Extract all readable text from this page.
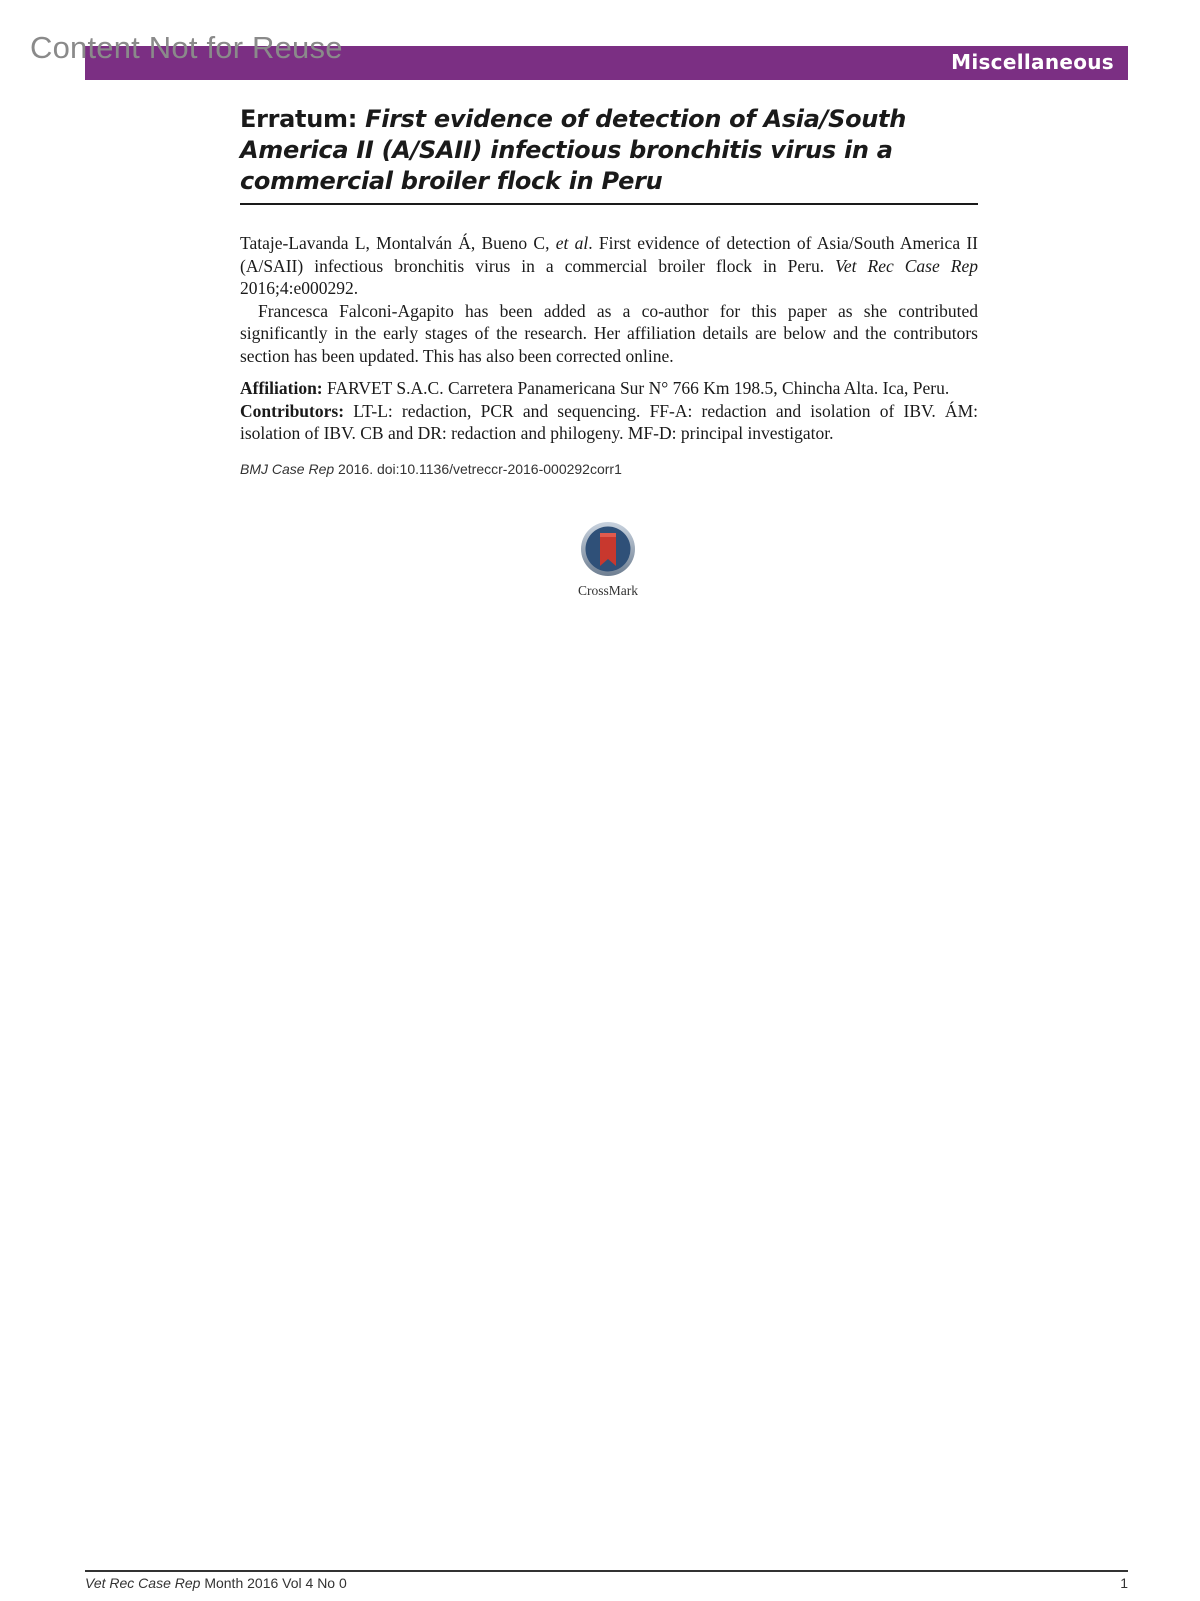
Content Not for Reuse	Miscellaneous
Erratum: First evidence of detection of Asia/South America II (A/SAII) infectious bronchitis virus in a commercial broiler flock in Peru

Tataje-Lavanda L, Montalván Á, Bueno C, et al. First evidence of detection of Asia/South America II (A/SAII) infectious bronchitis virus in a commercial broiler flock in Peru. Vet Rec Case Rep 2016;4:e000292.

Francesca Falconi-Agapito has been added as a co-author for this paper as she contributed significantly in the early stages of the research. Her affiliation details are below and the contributors section has been updated. This has also been corrected online.

Affiliation: FARVET S.A.C. Carretera Panamericana Sur N° 766 Km 198.5, Chincha Alta. Ica, Peru.

Contributors: LT-L: redaction, PCR and sequencing. FF-A: redaction and isolation of IBV. ÁM: isolation of IBV. CB and DR: redaction and philogeny. MF-D: principal investigator.

BMJ Case Rep 2016. doi:10.1136/vetreccr-2016-000292corr1
CrossMark
Vet Rec Case Rep Month 2016 Vol 4 No 0	1
